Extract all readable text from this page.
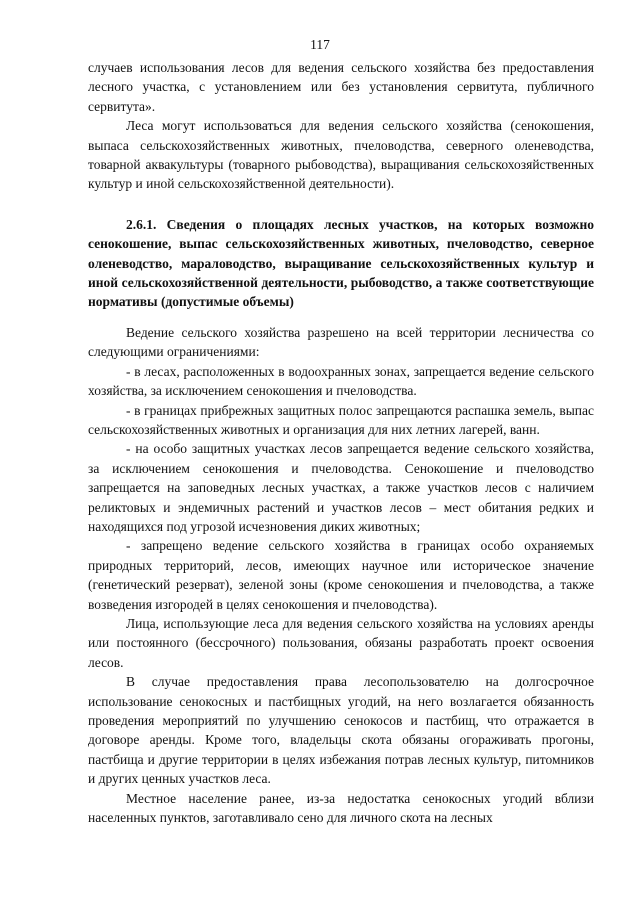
117

случаев использования лесов для ведения сельского хозяйства без предоставления лесного участка, с установлением или без установления сервитута, публичного сервитута».

Леса могут использоваться для ведения сельского хозяйства (сенокошения, выпаса сельскохозяйственных животных, пчеловодства, северного оленеводства, товарной аквакультуры (товарного рыбоводства), выращивания сельскохозяйственных культур и иной сельскохозяйственной деятельности).

2.6.1. Сведения о площадях лесных участков, на которых возможно сенокошение, выпас сельскохозяйственных животных, пчеловодство, северное оленеводство, мараловодство, выращивание сельскохозяйственных культур и иной сельскохозяйственной деятельности, рыбоводство, а также соответствующие нормативы (допустимые объемы)

Ведение сельского хозяйства разрешено на всей территории лесничества со следующими ограничениями:

- в лесах, расположенных в водоохранных зонах, запрещается ведение сельского хозяйства, за исключением сенокошения и пчеловодства.

- в границах прибрежных защитных полос запрещаются распашка земель, выпас сельскохозяйственных животных и организация для них летних лагерей, ванн.

- на особо защитных участках лесов запрещается ведение сельского хозяйства, за исключением сенокошения и пчеловодства. Сенокошение и пчеловодство запрещается на заповедных лесных участках, а также участков лесов с наличием реликтовых и эндемичных растений и участков лесов – мест обитания редких и находящихся под угрозой исчезновения диких животных;

- запрещено ведение сельского хозяйства в границах особо охраняемых природных территорий, лесов, имеющих научное или историческое значение (генетический резерват), зеленой зоны (кроме сенокошения и пчеловодства, а также возведения изгородей в целях сенокошения и пчеловодства).

Лица, использующие леса для ведения сельского хозяйства на условиях аренды или постоянного (бессрочного) пользования, обязаны разработать проект освоения лесов.

В случае предоставления права лесопользователю на долгосрочное использование сенокосных и пастбищных угодий, на него возлагается обязанность проведения мероприятий по улучшению сенокосов и пастбищ, что отражается в договоре аренды. Кроме того, владельцы скота обязаны огораживать прогоны, пастбища и другие территории в целях избежания потрав лесных культур, питомников и других ценных участков леса.

Местное население ранее, из-за недостатка сенокосных угодий вблизи населенных пунктов, заготавливало сено для личного скота на лесных
